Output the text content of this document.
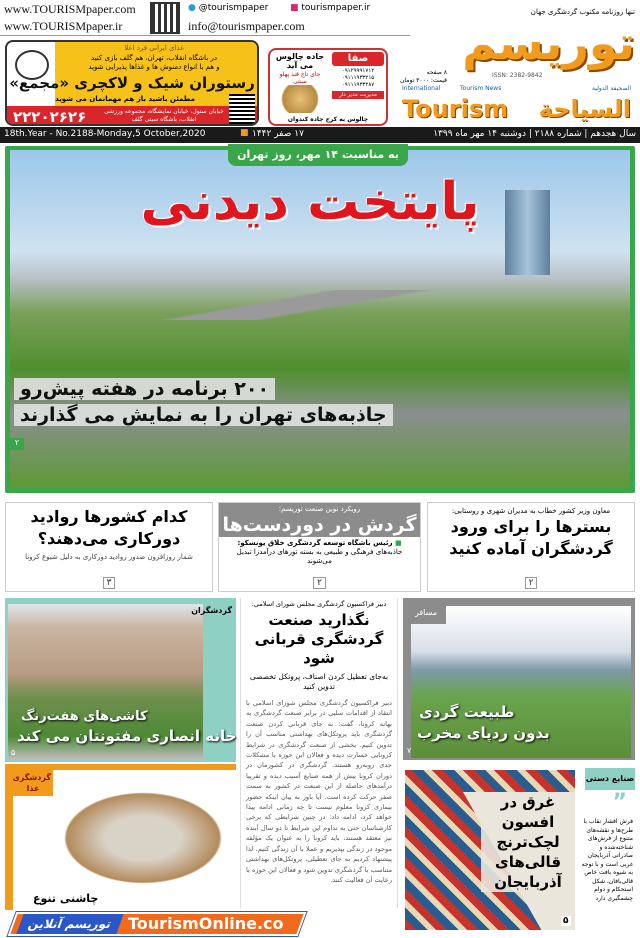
www.TOURISMpaper.com
www.TOURISMpaper.ir
● @tourismpaper ■ tourismpaper.ir
info@tourismpaper.com
غذای ایرانی فرد اعلا
در باشگاه انقلاب، تهران، هم گلف بازی کنید
و هم با انواع دمنوش ها و غذاها پذیرایی شوید
رستوران شیک و لاکچری «مجمع»
مطمئن باشید باز هم مهمانمان می شوید
۲۲۲۰۲۶۲۶	خیابان ستول، خیابان نمایشگاه، مجموعه ورزشی انقلاب، باشگاه سینی گلف
جاده چالوس می آید
جای تاج قند پهلو سنتی
صفا
۰۹۱۲۹۹۹۱۷۱۲
۰۹۱۱۱۹۳۳۲۱۵
۰۹۱۱۱۹۳۳۲۸۷
مدیریت مدیر دار
چالوس به کرج جاده کندوان
تنها روزنامه مکتوب گردشگری جهان
توریسم
۸ صفحه
قیمت: ۳۰۰۰ تومان
ISSN: 2382-9842
International	Tourism News	الصحيفة الدولية
Tourism السياحة
18th.Year - No.2188-Monday,5 October,2020	■ ۱۷ صفر ۱۴۴۲	سال هجدهم | شماره ۲۱۸۸ | دوشنبه ۱۴ مهر ماه ۱۳۹۹
به مناسبت ۱۴ مهر، روز تهران
پایتخت دیدنی
۲۰۰ برنامه در هفته پیش‌رو
جاذبه‌های تهران را به نمایش می گذارند
۲
کدام کشورها روادید دورکاری می‌دهند؟
شمار روزافزون صدور روادید دورکاری به دلیل شیوع کرونا
۳
رویکرد نوین صنعت توریسم؛
گردش در دوردست‌ها
■ رئیس باشگاه توسعه گردشگری خلاق یونسکو:
جاذبه‌های فرهنگی و طبیعی به بسته تورهای درآمدزا تبدیل می‌شوند
۲
معاون وزیر کشور خطاب به مدیران شهری و روستایی:
بسترها را برای ورود گردشگران آماده کنید
۲
گردشگران
کاشی‌های هفت‌رنگ
خانه انصاری مفتونتان می کند
۵
گردشگری غذا
چاشنی تنوع
دبیر فراکسیون گردشگری مجلس شورای اسلامی:
نگذارید صنعت گردشگری قربانی شود
به‌جای تعطیل کردن اصناف، پروتکل تخصصی تدوین کنید
دبیر فراکسیون گردشگری مجلس شورای اسلامی با انتقاد از اقدامات سلبی در برابر صنعت گردشگری به بهانه کرونا، گفت: به جای قربانی کردن صنعت گردشگری باید پروتکل‌های بهداشتی مناسب آن را تدوین کنیم. بخشی از صنعت گردشگری در شرایط کرونایی خسارت دیده و فعالان این حوزه با مشکلات جدی روبه‌رو هستند. گردشگری در کشورمان در دوران کرونا بیش از همه صنایع آسیب دیده و تقریبا درآمدهای حاصله از این صنعت در کشور به سمت صفر حرکت کرده است. آیا باور به بیان اینکه حضور بیماری کرونا معلوم نیست تا چه زمانی ادامه پیدا خواهد کرد، ادامه داد: در چنین شرایطی که برخی کارشناسان حتی به تداوم این شرایط تا دو سال آینده نیز معتقد هستند، باید کرونا را به عنوان یک مؤلفه موجود در زندگی بپذیریم و عملا با آن زندگی کنیم. لذا پیشنهاد کردیم به جای تعطیلی، پروتکل‌های بهداشتی متناسب با گردشگری تدوین شود و فعالان این حوزه با رعایت آن فعالیت کنند.
مسافر
طبیعت گردی
بدون ردپای مخرب
۷
صنایع دستی
غرق در افسون لچک‌ترنج قالی‌های آذربایجان
”
فرش افشار نقاب با طرح‌ها و نقشه‌های متنوع از فرش‌های شناخته‌شده و صادراتی آذربایجان غربی است و با توجه به شیوه بافت خاص قالی‌بافان، شکل استحکام و دوام چشمگیری دارد
۵
توریسم آنلاین TourismOnline.co
